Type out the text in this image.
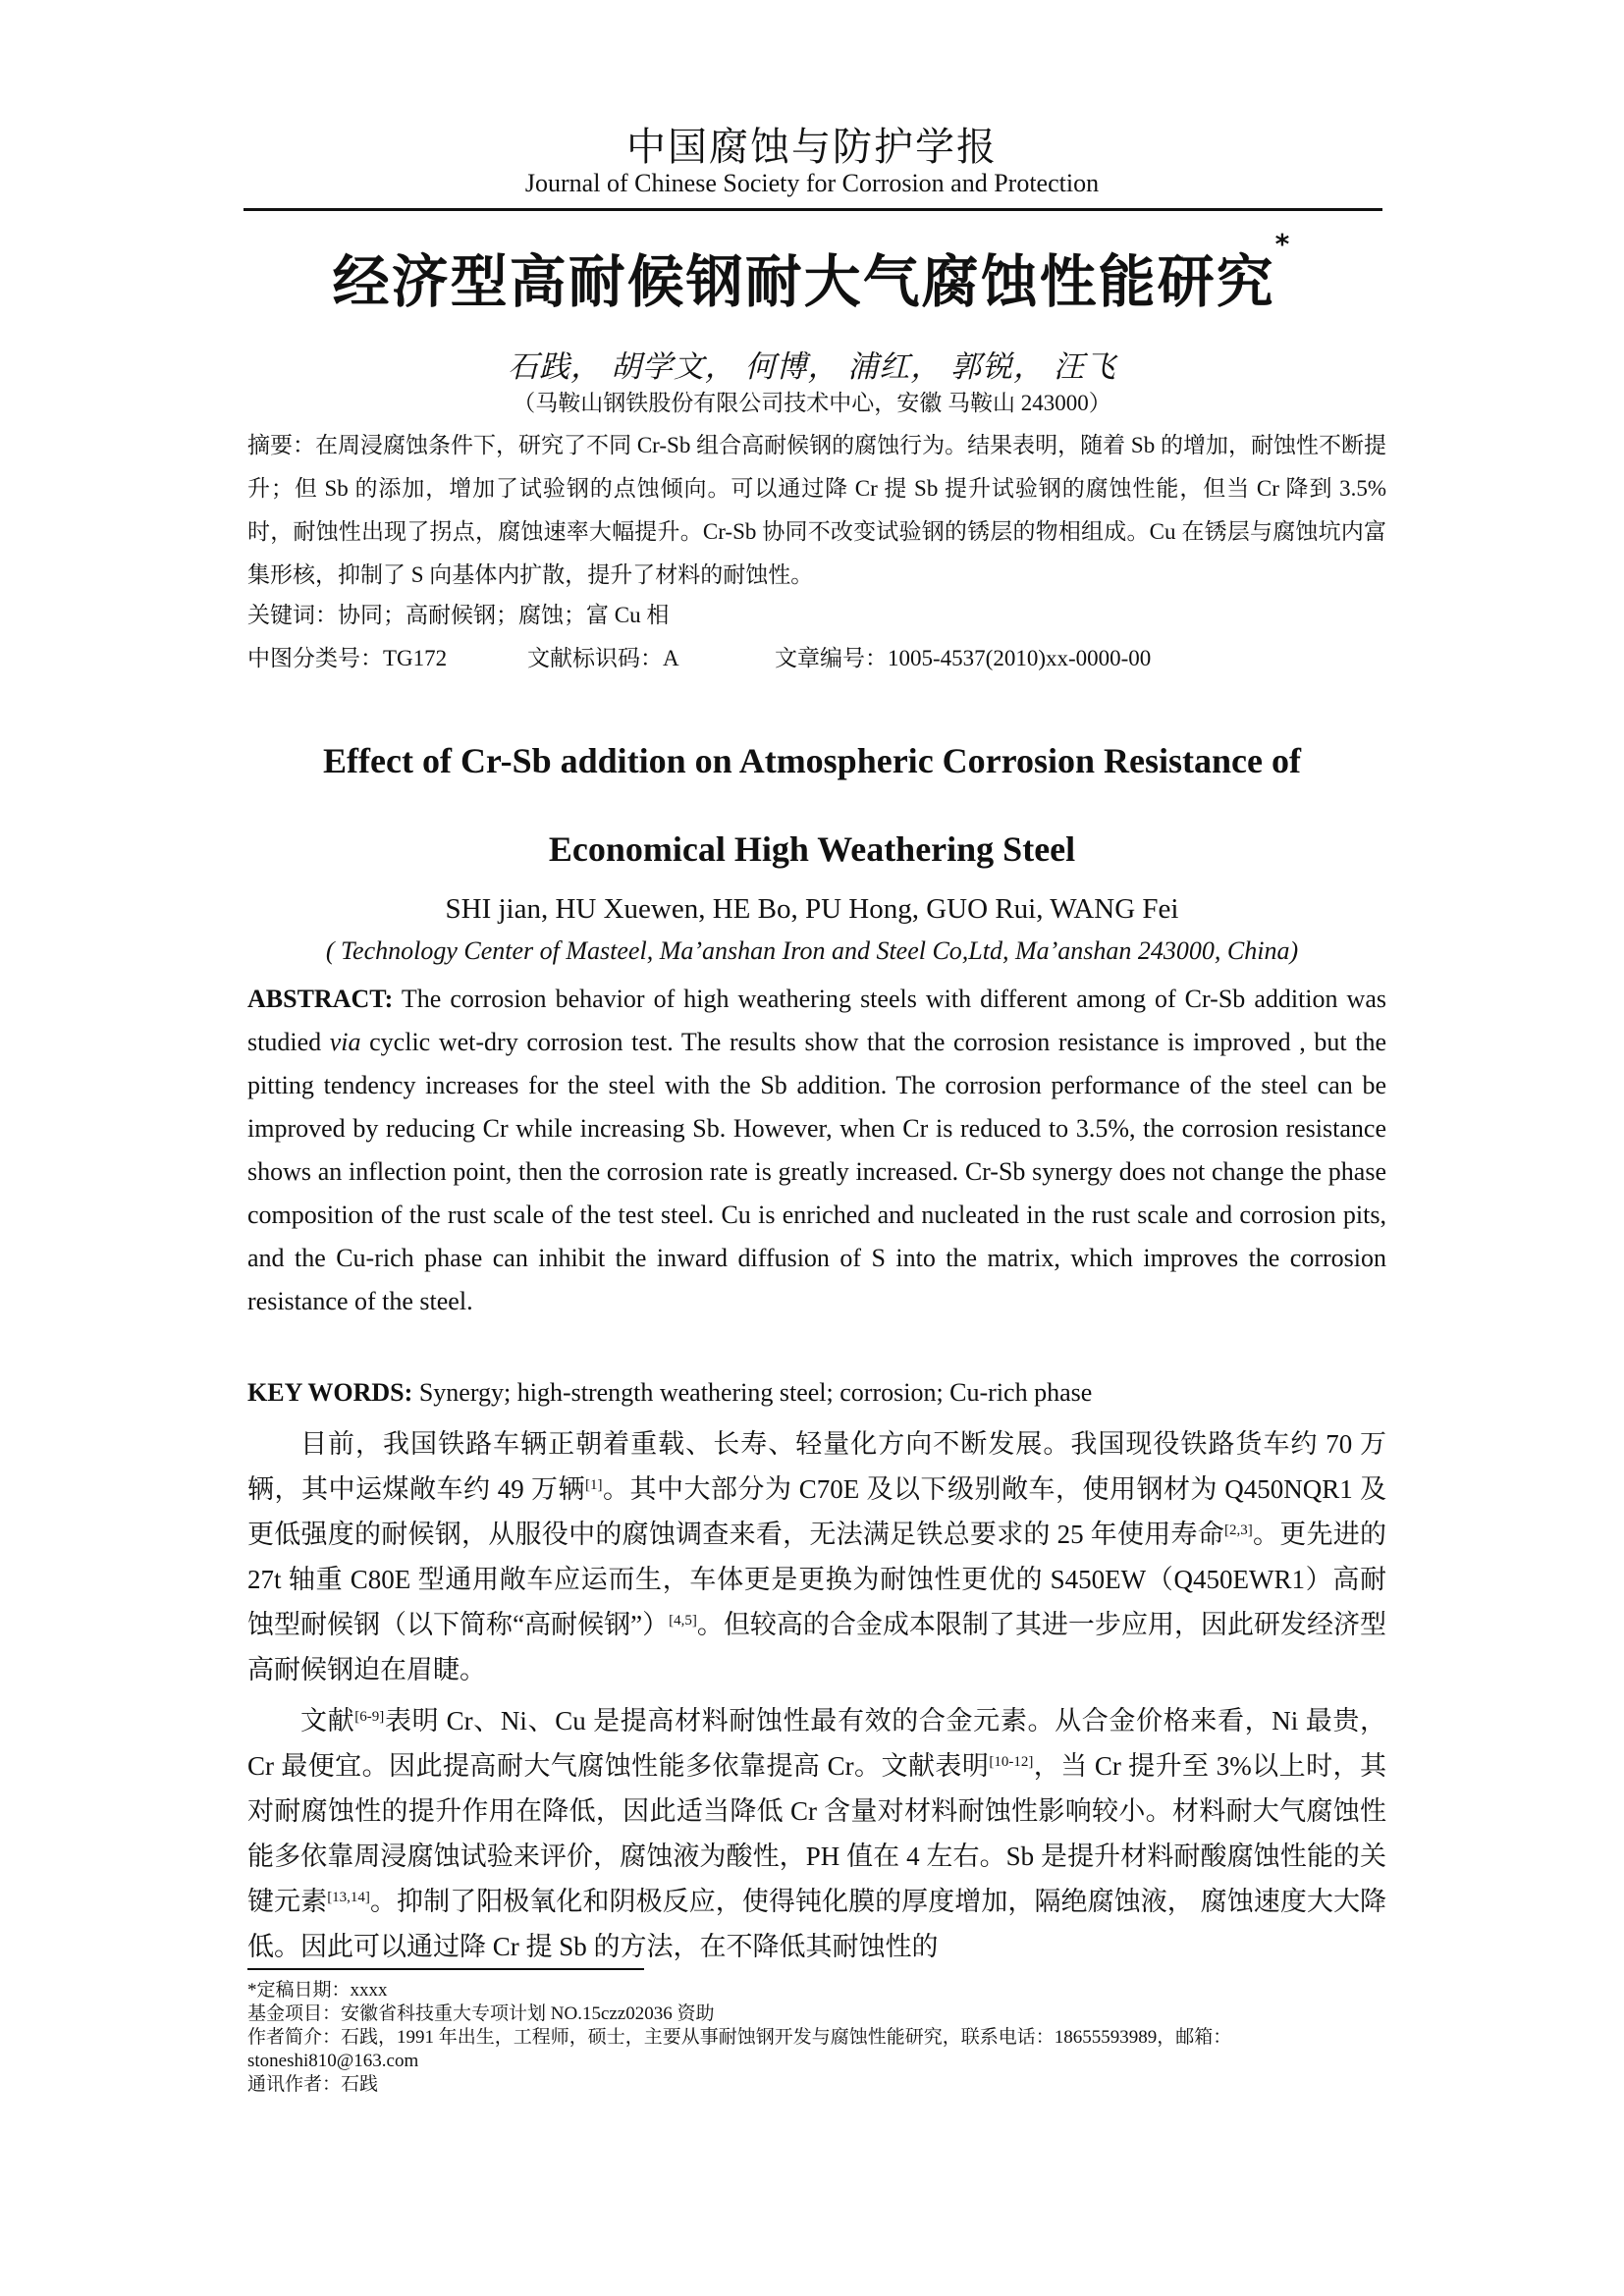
中国腐蚀与防护学报
Journal of Chinese Society for Corrosion and Protection
经济型高耐候钢耐大气腐蚀性能研究*
石践， 胡学文， 何博， 浦红， 郭锐， 汪飞
（马鞍山钢铁股份有限公司技术中心，安徽 马鞍山 243000）

摘要：在周浸腐蚀条件下，研究了不同 Cr-Sb 组合高耐候钢的腐蚀行为。结果表明，随着 Sb 的增加，耐蚀性不断提升；但 Sb 的添加，增加了试验钢的点蚀倾向。可以通过降 Cr 提 Sb 提升试验钢的腐蚀性能，但当 Cr 降到 3.5%时，耐蚀性出现了拐点，腐蚀速率大幅提升。Cr-Sb 协同不改变试验钢的锈层的物相组成。Cu 在锈层与腐蚀坑内富集形核，抑制了 S 向基体内扩散，提升了材料的耐蚀性。

关键词：协同；高耐候钢；腐蚀；富 Cu 相

中图分类号：TG172	文献标识码：A	文章编号：1005-4537(2010)xx-0000-00

Effect of Cr-Sb addition on Atmospheric Corrosion Resistance of
Economical High Weathering Steel

SHI jian, HU Xuewen, HE Bo, PU Hong, GUO Rui, WANG Fei

( Technology Center of Masteel, Ma’anshan Iron and Steel Co,Ltd, Ma’anshan 243000, China)

ABSTRACT: The corrosion behavior of high weathering steels with different among of Cr-Sb addition was studied via cyclic wet-dry corrosion test. The results show that the corrosion resistance is improved , but the pitting tendency increases for the steel with the Sb addition. The corrosion performance of the steel can be improved by reducing Cr while increasing Sb. However, when Cr is reduced to 3.5%, the corrosion resistance shows an inflection point, then the corrosion rate is greatly increased. Cr-Sb synergy does not change the phase composition of the rust scale of the test steel. Cu is enriched and nucleated in the rust scale and corrosion pits, and the Cu-rich phase can inhibit the inward diffusion of S into the matrix, which improves the corrosion resistance of the steel.

KEY WORDS: Synergy; high-strength weathering steel; corrosion; Cu-rich phase

目前，我国铁路车辆正朝着重载、长寿、轻量化方向不断发展。我国现役铁路货车约 70 万辆，其中运煤敞车约 49 万辆[1]。其中大部分为 C70E 及以下级别敞车，使用钢材为 Q450NQR1 及更低强度的耐候钢，从服役中的腐蚀调查来看，无法满足铁总要求的 25 年使用寿命[2,3]。更先进的 27t 轴重 C80E 型通用敞车应运而生，车体更是更换为耐蚀性更优的 S450EW（Q450EWR1）高耐蚀型耐候钢（以下简称“高耐候钢”）[4,5]。但较高的合金成本限制了其进一步应用，因此研发经济型高耐候钢迫在眉睫。

文献[6-9]表明 Cr、Ni、Cu 是提高材料耐蚀性最有效的合金元素。从合金价格来看，Ni 最贵，Cr 最便宜。因此提高耐大气腐蚀性能多依靠提高 Cr。文献表明[10-12]，当 Cr 提升至 3%以上时，其对耐腐蚀性的提升作用在降低，因此适当降低 Cr 含量对材料耐蚀性影响较小。材料耐大气腐蚀性能多依靠周浸腐蚀试验来评价，腐蚀液为酸性，PH 值在 4 左右。Sb 是提升材料耐酸腐蚀性能的关键元素[13,14]。抑制了阳极氧化和阴极反应，使得钝化膜的厚度增加，隔绝腐蚀液， 腐蚀速度大大降低。因此可以通过降 Cr 提 Sb 的方法，在不降低其耐蚀性的

*定稿日期：xxxx
基金项目：安徽省科技重大专项计划 NO.15czz02036 资助
作者简介：石践，1991 年出生，工程师，硕士，主要从事耐蚀钢开发与腐蚀性能研究，联系电话：18655593989，邮箱：
stoneshi810@163.com
通讯作者：石践
